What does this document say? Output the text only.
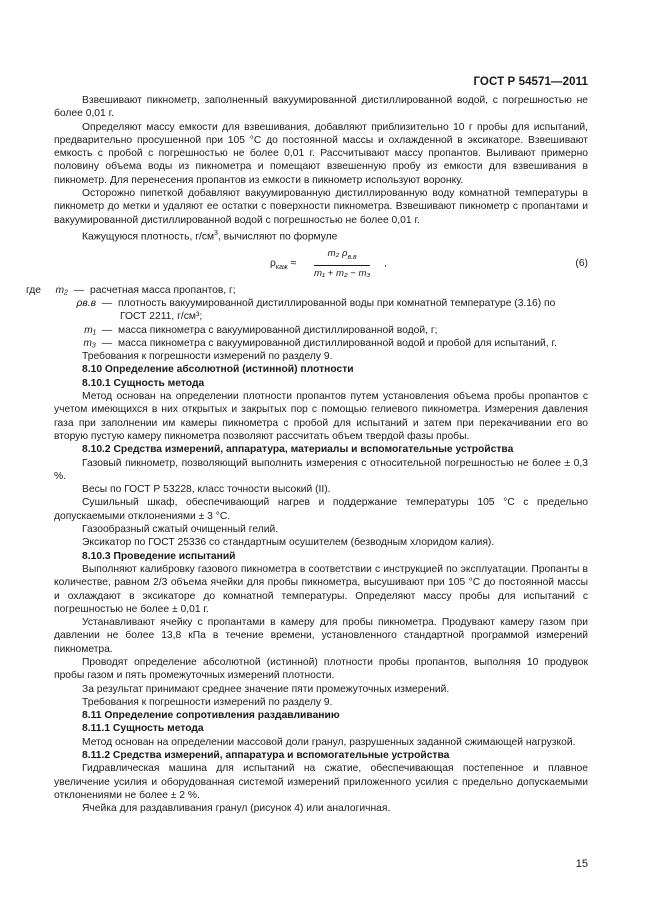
ГОСТ Р 54571—2011

Взвешивают пикнометр, заполненный вакуумированной дистиллированной водой, с погрешностью не более 0,01 г.

Определяют массу емкости для взвешивания, добавляют приблизительно 10 г пробы для испытаний, предварительно просушенной при 105 °С до постоянной массы и охлажденной в эксикаторе. Взвешивают емкость с пробой с погрешностью не более 0,01 г. Рассчитывают массу пропантов. Выливают примерно половину объема воды из пикнометра и помещают взвешенную пробу из емкости для взвешивания в пикнометр. Для перенесения пропантов из емкости в пикнометр используют воронку.

Осторожно пипеткой добавляют вакуумированную дистиллированную воду комнатной температуры в пикнометр до метки и удаляют ее остатки с поверхности пикнометра. Взвешивают пикнометр с пропантами и вакуумированной дистиллированной водой с погрешностью не более 0,01 г.

Кажущуюся плотность, $г/см^3$, вычисляют по формуле

$\rho_{каж}$ ≈
m₂ $\rho_{в.в}$
m₁ + m₂ − m₃
,	(6)

где m₂ — расчетная масса пропантов, г;

ρв.в — плотность вакуумированной дистиллированной воды при комнатной температуре (3.16) по
ГОСТ 2211, г/см³;

m₁ — масса пикнометра с вакуумированной дистиллированной водой, г;

m₃ — масса пикнометра с вакуумированной дистиллированной водой и пробой для испытаний, г.

Требования к погрешности измерений по разделу 9.

8.10 Определение абсолютной (истинной) плотности

8.10.1 Сущность метода

Метод основан на определении плотности пропантов путем установления объема пробы пропантов с учетом имеющихся в них открытых и закрытых пор с помощью гелиевого пикнометра. Измерения давления газа при заполнении им камеры пикнометра с пробой для испытаний и затем при перекачивании его во вторую пустую камеру пикнометра позволяют рассчитать объем твердой фазы пробы.

8.10.2 Средства измерений, аппаратура, материалы и вспомогательные устройства

Газовый пикнометр, позволяющий выполнить измерения с относительной погрешностью не более ± 0,3 %.

Весы по ГОСТ Р 53228, класс точности высокий (II).

Сушильный шкаф, обеспечивающий нагрев и поддержание температуры 105 °С с предельно допускаемыми отклонениями ± 3 °С.

Газообразный сжатый очищенный гелий.

Эксикатор по ГОСТ 25336 со стандартным осушителем (безводным хлоридом калия).

8.10.3 Проведение испытаний

Выполняют калибровку газового пикнометра в соответствии с инструкцией по эксплуатации. Пропанты в количестве, равном 2/3 объема ячейки для пробы пикнометра, высушивают при 105 °С до постоянной массы и охлаждают в эксикаторе до комнатной температуры. Определяют массу пробы для испытаний с погрешностью не более ± 0,01 г.

Устанавливают ячейку с пропантами в камеру для пробы пикнометра. Продувают камеру газом при давлении не более 13,8 кПа в течение времени, установленного стандартной программой измерений пикнометра.

Проводят определение абсолютной (истинной) плотности пробы пропантов, выполняя 10 продувок пробы газом и пять промежуточных измерений плотности.

За результат принимают среднее значение пяти промежуточных измерений.

Требования к погрешности измерений по разделу 9.

8.11 Определение сопротивления раздавливанию

8.11.1 Сущность метода

Метод основан на определении массовой доли гранул, разрушенных заданной сжимающей нагрузкой.

8.11.2 Средства измерений, аппаратура и вспомогательные устройства

Гидравлическая машина для испытаний на сжатие, обеспечивающая постепенное и плавное увеличение усилия и оборудованная системой измерений приложенного усилия с предельно допускаемыми отклонениями не более ± 2 %.

Ячейка для раздавливания гранул (рисунок 4) или аналогичная.

15
